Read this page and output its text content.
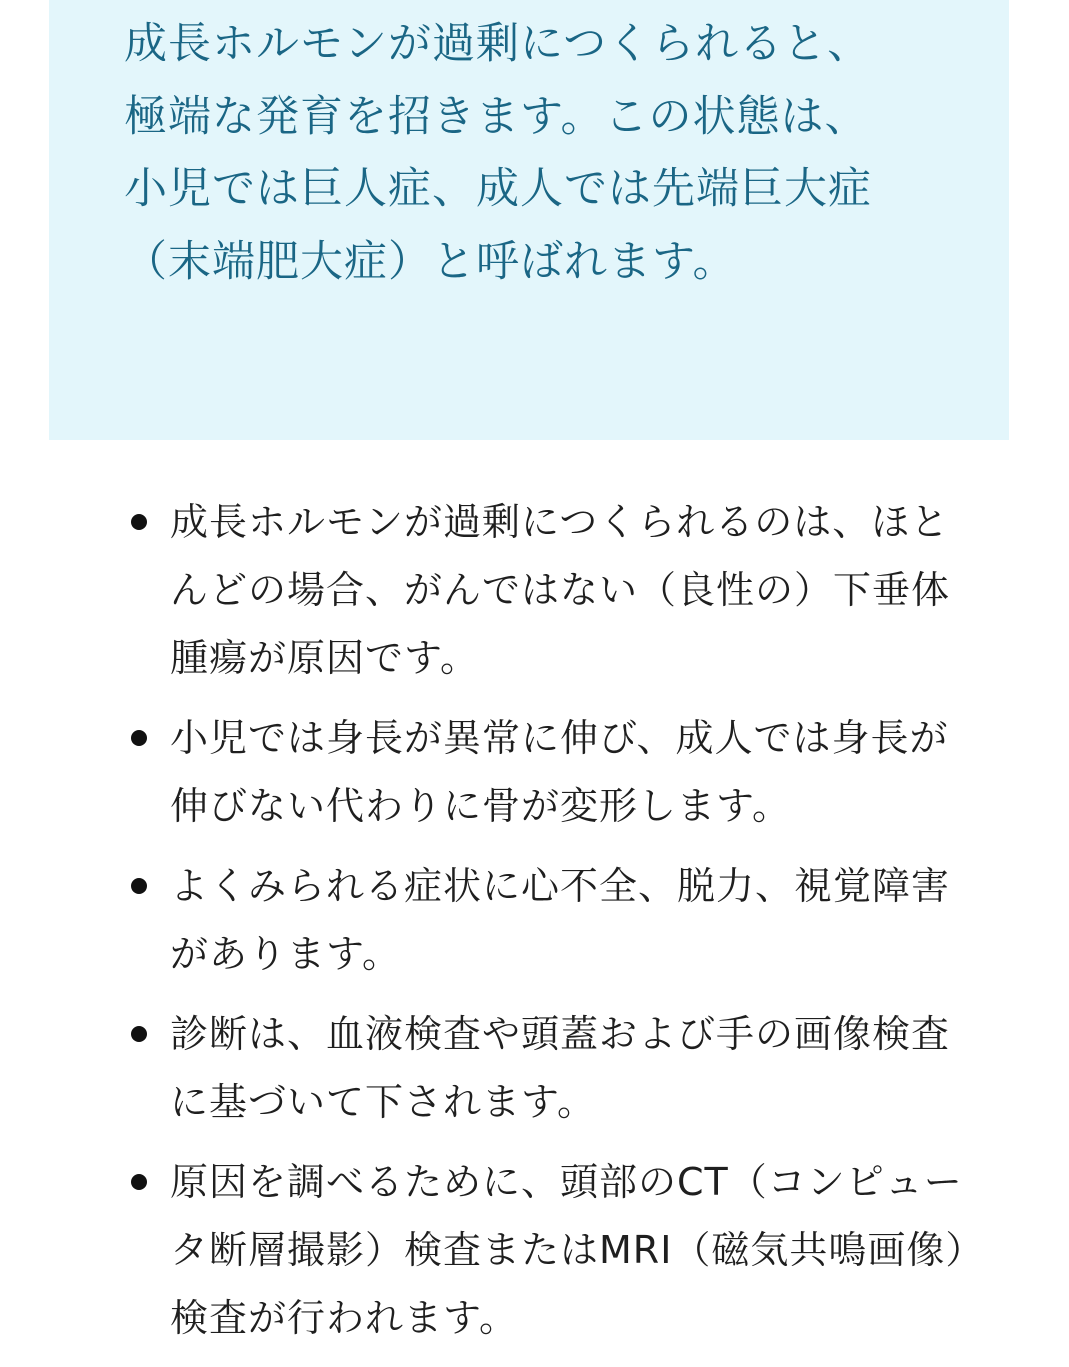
成長ホルモンが過剰につくられると、極端な発育を招きます。この状態は、小児では巨人症、成人では先端巨大症（末端肥大症）と呼ばれます。

成長ホルモンが過剰につくられるのは、ほとんどの場合、がんではない（良性の）下垂体腫瘍が原因です。
小児では身長が異常に伸び、成人では身長が伸びない代わりに骨が変形します。
よくみられる症状に心不全、脱力、視覚障害があります。
診断は、血液検査や頭蓋および手の画像検査に基づいて下されます。
原因を調べるために、頭部のCT（コンピュータ断層撮影）検査またはMRI（磁気共鳴画像）検査が行われます。
